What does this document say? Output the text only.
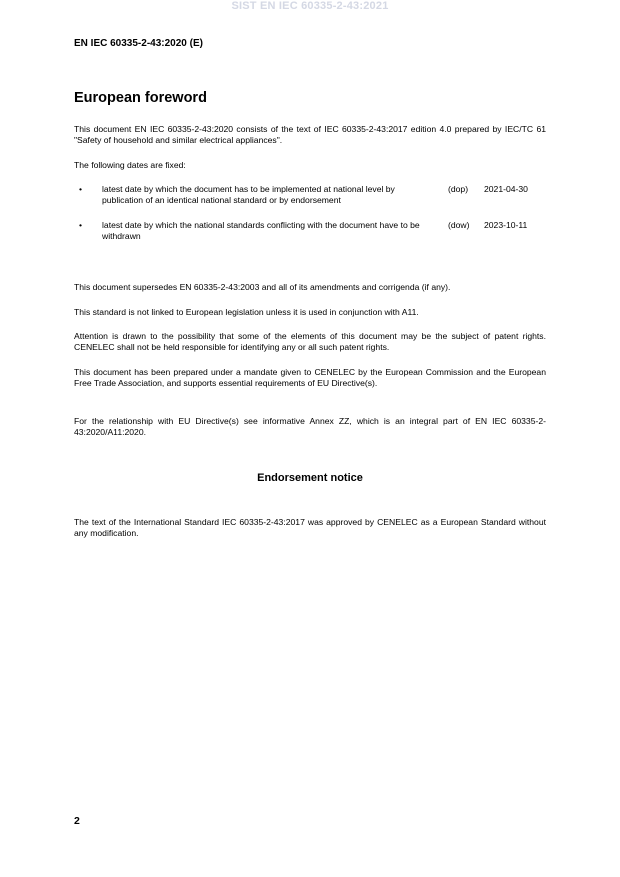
SIST EN IEC 60335-2-43:2021
EN IEC 60335-2-43:2020 (E)
European foreword

This document EN IEC 60335-2-43:2020 consists of the text of IEC 60335-2-43:2017 edition 4.0 prepared by IEC/TC 61 "Safety of household and similar electrical appliances".

The following dates are fixed:

• latest date by which the document has to be implemented at national level by publication of an identical national standard or by endorsement
(dop) 2021-04-30
• latest date by which the national standards conflicting with the document have to be withdrawn
(dow) 2023-10-11

This document supersedes EN 60335-2-43:2003 and all of its amendments and corrigenda (if any).

This standard is not linked to European legislation unless it is used in conjunction with A11.

Attention is drawn to the possibility that some of the elements of this document may be the subject of patent rights. CENELEC shall not be held responsible for identifying any or all such patent rights.

This document has been prepared under a mandate given to CENELEC by the European Commission and the European Free Trade Association, and supports essential requirements of EU Directive(s).

For the relationship with EU Directive(s) see informative Annex ZZ, which is an integral part of EN IEC 60335-2-43:2020/A11:2020.

Endorsement notice

The text of the International Standard IEC 60335-2-43:2017 was approved by CENELEC as a European Standard without any modification.

2
